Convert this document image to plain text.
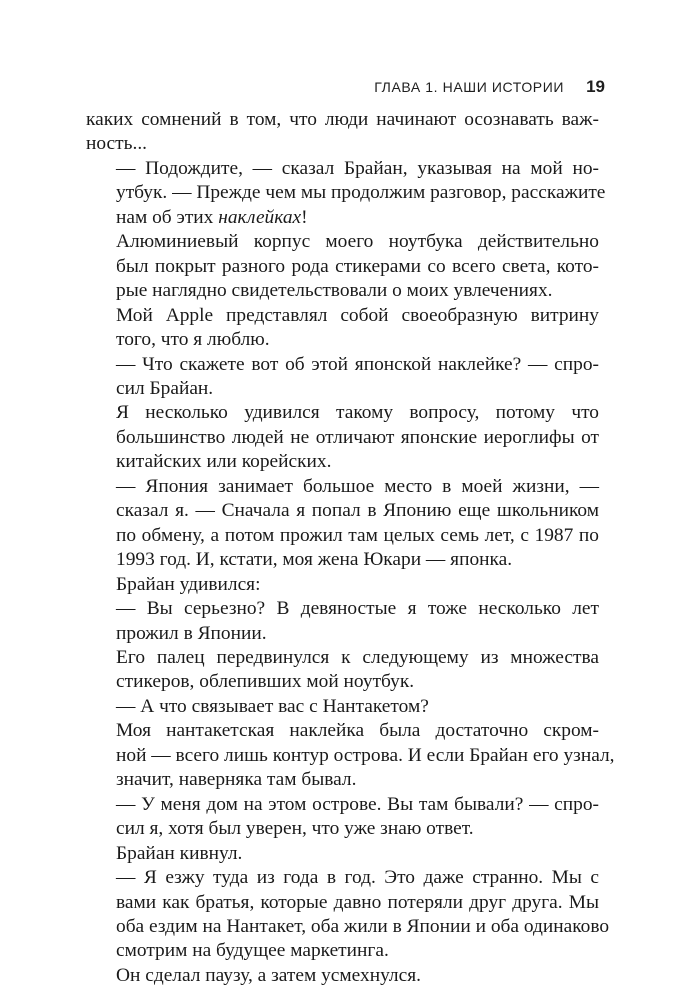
ГЛАВА 1. НАШИ ИСТОРИИ 19

каких сомнений в том, что люди начинают осознавать важ-
ность...

— Подождите, — сказал Брайан, указывая на мой но-
утбук. — Прежде чем мы продолжим разговор, расскажите
нам об этих наклейках!

Алюминиевый корпус моего ноутбука действительно
был покрыт разного рода стикерами со всего света, кото-
рые наглядно свидетельствовали о моих увлечениях.

Мой Apple представлял собой своеобразную витрину
того, что я люблю.

— Что скажете вот об этой японской наклейке? — спро-
сил Брайан.

Я несколько удивился такому вопросу, потому что
большинство людей не отличают японские иероглифы от
китайских или корейских.

— Япония занимает большое место в моей жизни, —
сказал я. — Сначала я попал в Японию еще школьником
по обмену, а потом прожил там целых семь лет, с 1987 по
1993 год. И, кстати, моя жена Юкари — японка.

Брайан удивился:

— Вы серьезно? В девяностые я тоже несколько лет
прожил в Японии.

Его палец передвинулся к следующему из множества
стикеров, облепивших мой ноутбук.

— А что связывает вас с Нантакетом?

Моя нантакетская наклейка была достаточно скром-
ной — всего лишь контур острова. И если Брайан его узнал,
значит, наверняка там бывал.

— У меня дом на этом острове. Вы там бывали? — спро-
сил я, хотя был уверен, что уже знаю ответ.

Брайан кивнул.

— Я езжу туда из года в год. Это даже странно. Мы с
вами как братья, которые давно потеряли друг друга. Мы
оба ездим на Нантакет, оба жили в Японии и оба одинаково
смотрим на будущее маркетинга.

Он сделал паузу, а затем усмехнулся.
